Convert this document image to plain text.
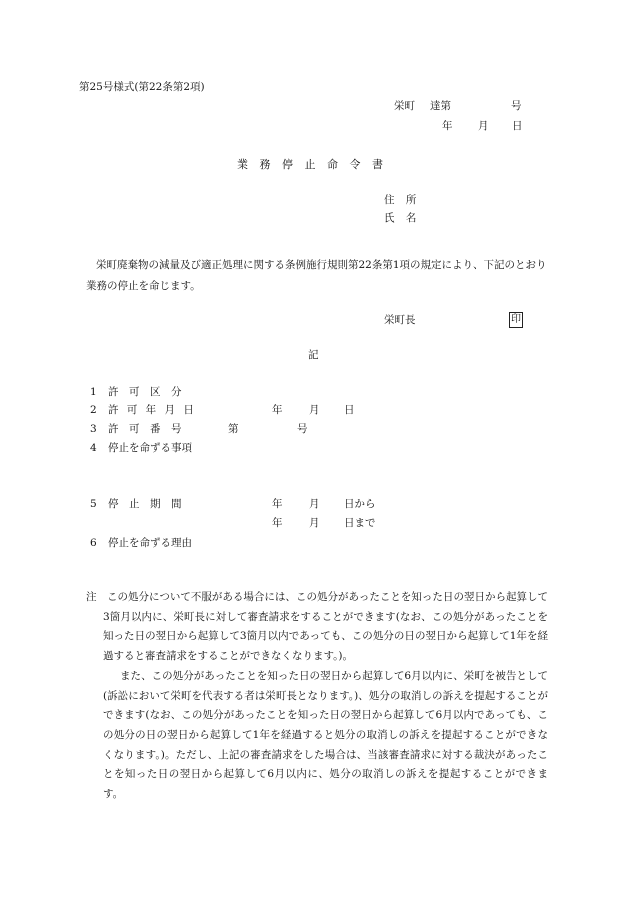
第25号様式(第22条第2項)
栄町 達第	号
年 月 日
業 務 停 止 命 令 書
住 所
氏 名
栄町廃棄物の減量及び適正処理に関する条例施行規則第22条第1項の規定により、下記のとおり業務の停止を命じます。
栄町長	印
記
1 許　可　区　分
2 許 可 年 月 日	年	月 日
3 許　可　番　号	第	号
4 停止を命ずる事項
5 停　止　期　間	年	月 日から
年	月 日まで
6 停止を命ずる理由

注　この処分について不服がある場合には、この処分があったことを知った日の翌日から起算して3箇月以内に、栄町長に対して審査請求をすることができます(なお、この処分があったことを知った日の翌日から起算して3箇月以内であっても、この処分の日の翌日から起算して1年を経過すると審査請求をすることができなくなります。)。

また、この処分があったことを知った日の翌日から起算して6月以内に、栄町を被告として(訴訟において栄町を代表する者は栄町長となります。)、処分の取消しの訴えを提起することができます(なお、この処分があったことを知った日の翌日から起算して6月以内であっても、この処分の日の翌日から起算して1年を経過すると処分の取消しの訴えを提起することができなくなります。)。ただし、上記の審査請求をした場合は、当該審査請求に対する裁決があったことを知った日の翌日から起算して6月以内に、処分の取消しの訴えを提起することができます。
